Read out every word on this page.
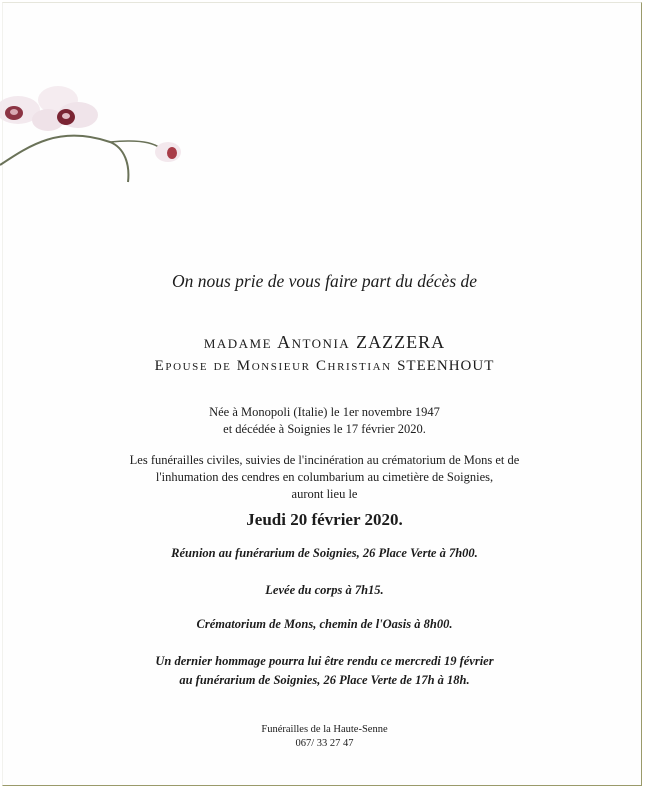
On nous prie de vous faire part du décès de
madame Antonia ZAZZERA
Epouse de Monsieur Christian STEENHOUT
Née à Monopoli (Italie) le 1er novembre 1947
et décédée à Soignies le 17 février 2020.
Les funérailles civiles, suivies de l'incinération au crématorium de Mons et de
l'inhumation des cendres en columbarium au cimetière de Soignies,
auront lieu le
Jeudi 20 février 2020.
Réunion au funérarium de Soignies, 26 Place Verte à 7h00.
Levée du corps à 7h15.
Crématorium de Mons, chemin de l'Oasis à 8h00.
Un dernier hommage pourra lui être rendu ce mercredi 19 février
au funérarium de Soignies, 26 Place Verte de 17h à 18h.
Funérailles de la Haute-Senne
067/ 33 27 47
